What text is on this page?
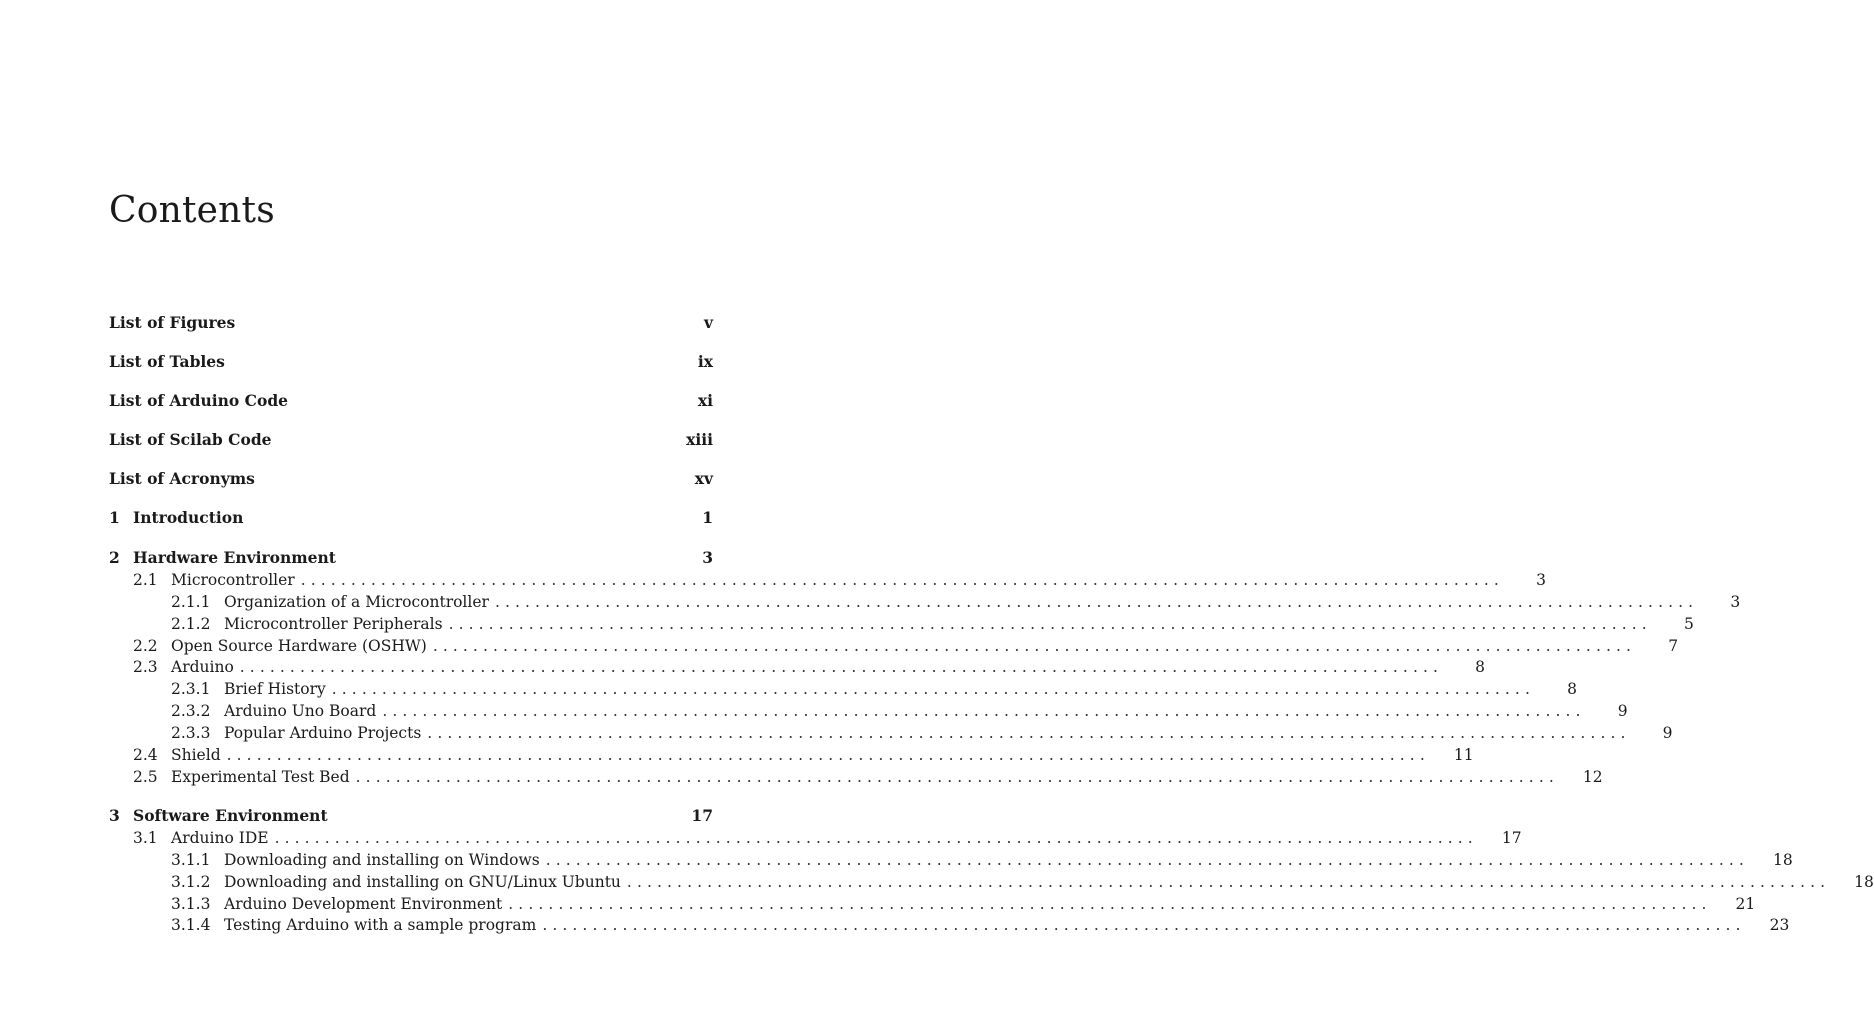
Contents
List of Figures	v
List of Tables	ix
List of Arduino Code	xi
List of Scilab Code	xiii
List of Acronyms	xv
1 Introduction	1
2 Hardware Environment	3
2.1 Microcontroller ........................................................................................................................	3
2.1.1 Organization of a Microcontroller ........................................................................................................................	3
2.1.2 Microcontroller Peripherals ........................................................................................................................	5
2.2 Open Source Hardware (OSHW) ........................................................................................................................	7
2.3 Arduino ........................................................................................................................	8
2.3.1 Brief History ........................................................................................................................	8
2.3.2 Arduino Uno Board ........................................................................................................................	9
2.3.3 Popular Arduino Projects ........................................................................................................................	9
2.4 Shield ........................................................................................................................ 11
2.5 Experimental Test Bed ........................................................................................................................ 12
3 Software Environment	17
3.1 Arduino IDE ........................................................................................................................ 17
3.1.1 Downloading and installing on Windows ........................................................................................................................ 18
3.1.2 Downloading and installing on GNU/Linux Ubuntu ........................................................................................................................ 18
3.1.3 Arduino Development Environment ........................................................................................................................ 21
3.1.4 Testing Arduino with a sample program ........................................................................................................................ 23
